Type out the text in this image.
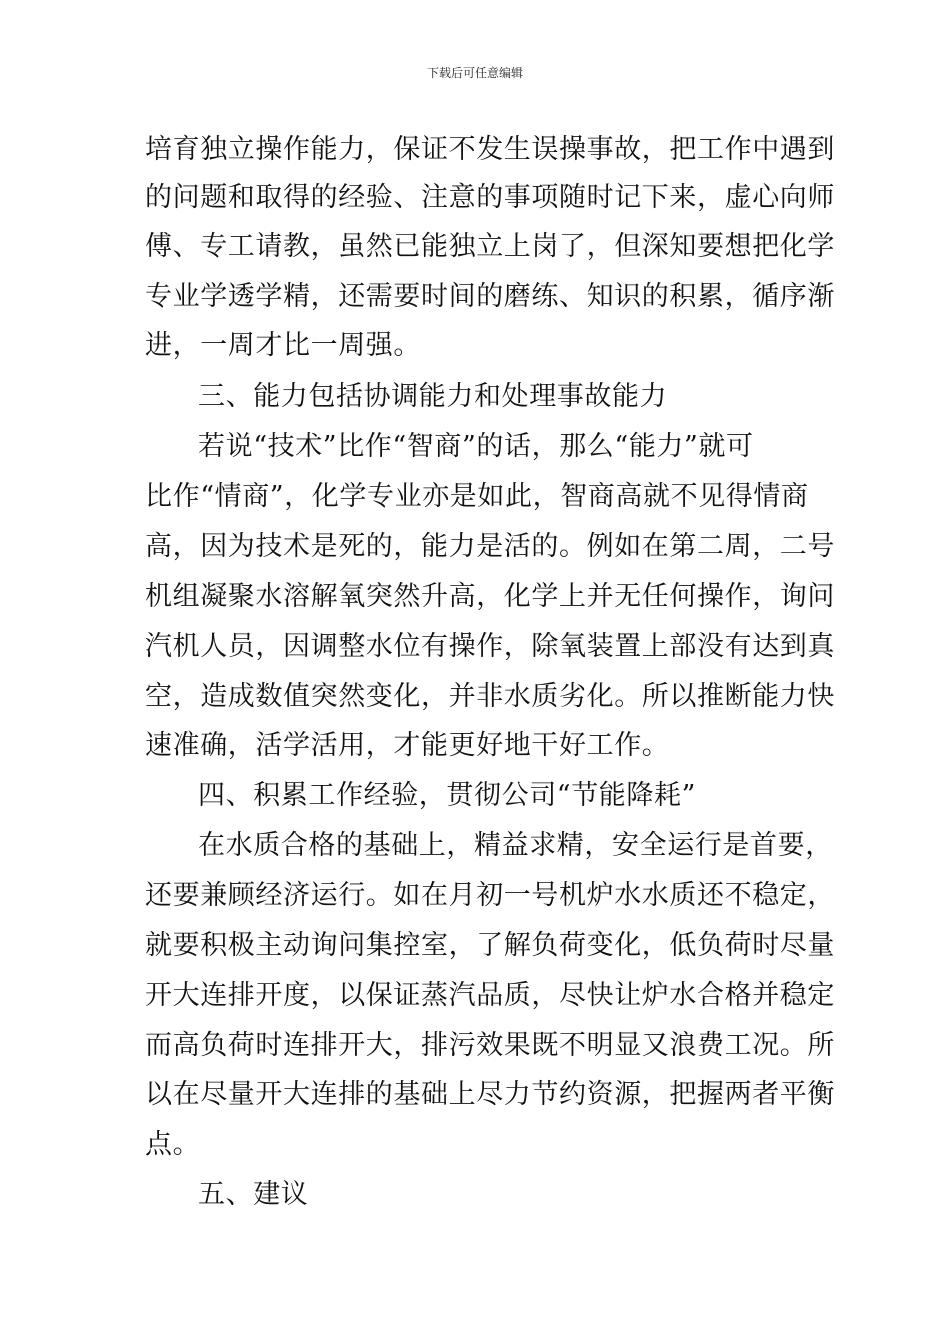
下载后可任意编辑
培育独立操作能力，保证不发生误操事故，把工作中遇到
的问题和取得的经验、注意的事项随时记下来，虚心向师
傅、专工请教，虽然已能独立上岗了，但深知要想把化学
专业学透学精，还需要时间的磨练、知识的积累，循序渐
进，一周才比一周强。
三、能力包括协调能力和处理事故能力
若说“技术”比作“智商”的话，那么“能力”就可
比作“情商”，化学专业亦是如此，智商高就不见得情商
高，因为技术是死的，能力是活的。例如在第二周，二号
机组凝聚水溶解氧突然升高，化学上并无任何操作，询问
汽机人员，因调整水位有操作，除氧装置上部没有达到真
空，造成数值突然变化，并非水质劣化。所以推断能力快
速准确，活学活用，才能更好地干好工作。
四、积累工作经验，贯彻公司“节能降耗”
在水质合格的基础上，精益求精，安全运行是首要，
还要兼顾经济运行。如在月初一号机炉水水质还不稳定，
就要积极主动询问集控室，了解负荷变化，低负荷时尽量
开大连排开度，以保证蒸汽品质，尽快让炉水合格并稳定
而高负荷时连排开大，排污效果既不明显又浪费工况。所
以在尽量开大连排的基础上尽力节约资源，把握两者平衡
点。
五、建议
